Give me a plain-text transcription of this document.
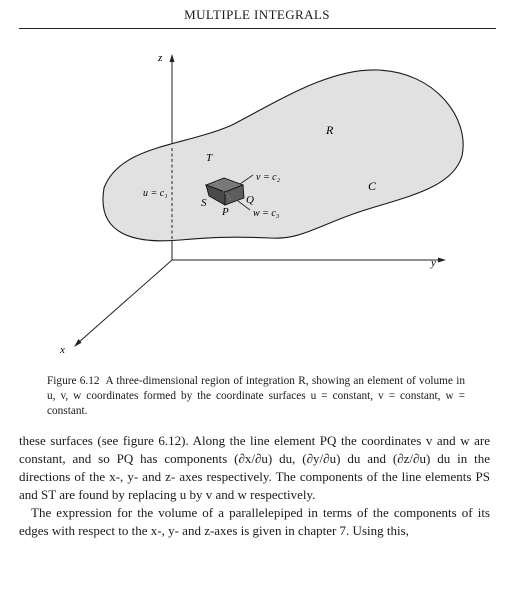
MULTIPLE INTEGRALS
z
y
x
R
C
T
S
P
Q
u = c₁
v = c₂
w = c₃
Figure 6.12 A three-dimensional region of integration R, showing an element of volume in u, v, w coordinates formed by the coordinate surfaces u = constant, v = constant, w = constant.

these surfaces (see figure 6.12). Along the line element PQ the coordinates v and w are constant, and so PQ has components (∂x/∂u) du, (∂y/∂u) du and (∂z/∂u) du in the directions of the x-, y- and z- axes respectively. The components of the line elements PS and ST are found by replacing u by v and w respectively.

The expression for the volume of a parallelepiped in terms of the components of its edges with respect to the x-, y- and z-axes is given in chapter 7. Using this,
